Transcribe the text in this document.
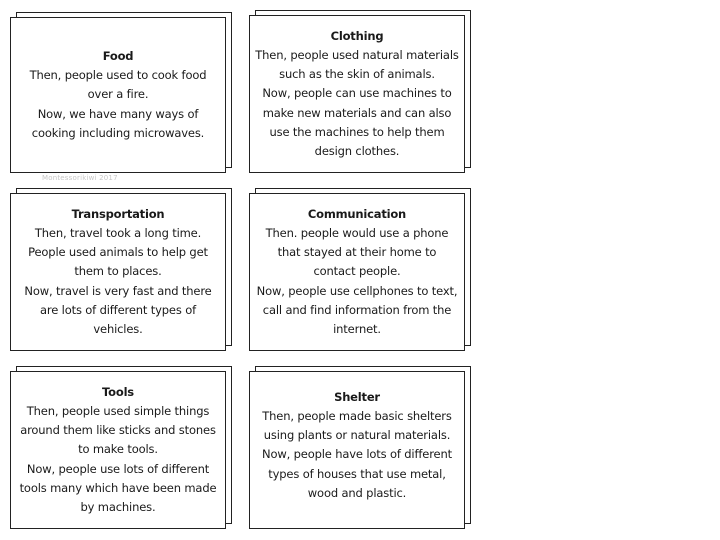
Food
Then, people used to cook food
over a fire.
Now, we have many ways of
cooking including microwaves.
Clothing
Then, people used natural materials
such as the skin of animals.
Now, people can use machines to
make new materials and can also
use the machines to help them
design clothes.
Montessorikiwi 2017
Transportation
Then, travel took a long time.
People used animals to help get
them to places.
Now, travel is very fast and there
are lots of different types of
vehicles.
Communication
Then. people would use a phone
that stayed at their home to
contact people.
Now, people use cellphones to text,
call and find information from the
internet.
Tools
Then, people used simple things
around them like sticks and stones
to make tools.
Now, people use lots of different
tools many which have been made
by machines.
Shelter
Then, people made basic shelters
using plants or natural materials.
Now, people have lots of different
types of houses that use metal,
wood and plastic.
